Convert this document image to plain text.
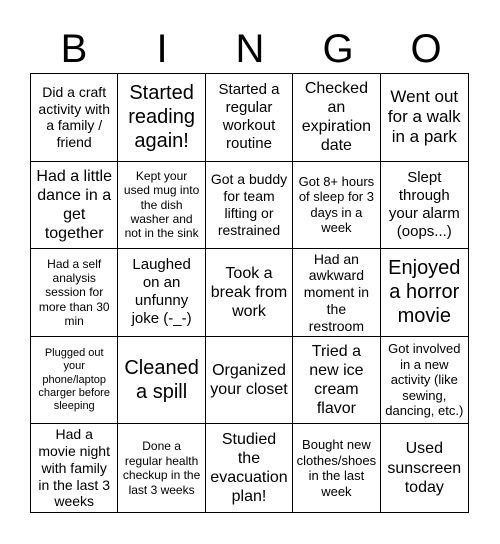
B	I	N	G	O
Did a craft activity with a family / friend
Started reading again!
Started a regular workout routine
Checked an expiration date
Went out for a walk in a park
Had a little dance in a get together
Kept your used mug into the dish washer and not in the sink
Got a buddy for team lifting or restrained
Got 8+ hours of sleep for 3 days in a week
Slept through your alarm (oops...)
Had a self analysis session for more than 30 min
Laughed on an unfunny joke (-_-)
Took a break from work
Had an awkward moment in the restroom
Enjoyed a horror movie
Plugged out your phone/laptop charger before sleeping
Cleaned a spill
Organized your closet
Tried a new ice cream flavor
Got involved in a new activity (like sewing, dancing, etc.)
Had a movie night with family in the last 3 weeks
Done a regular health checkup in the last 3 weeks
Studied the evacuation plan!
Bought new clothes/shoes in the last week
Used sunscreen today
